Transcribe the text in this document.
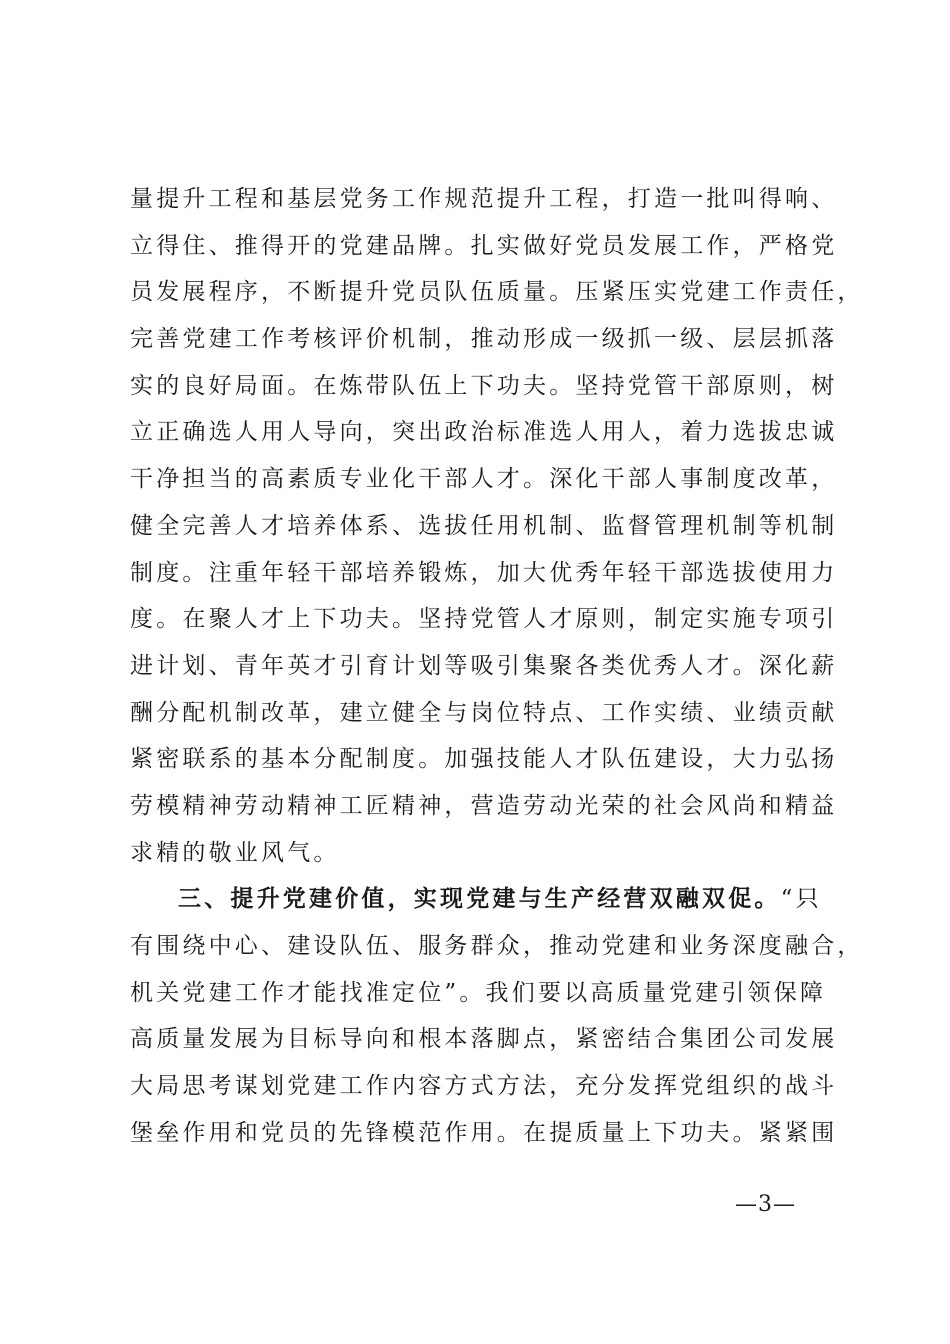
量提升工程和基层党务工作规范提升工程，打造一批叫得响、
立得住、推得开的党建品牌。扎实做好党员发展工作，严格党
员发展程序，不断提升党员队伍质量。压紧压实党建工作责任，
完善党建工作考核评价机制，推动形成一级抓一级、层层抓落
实的良好局面。在炼带队伍上下功夫。坚持党管干部原则，树
立正确选人用人导向，突出政治标准选人用人，着力选拔忠诚
干净担当的高素质专业化干部人才。深化干部人事制度改革，
健全完善人才培养体系、选拔任用机制、监督管理机制等机制
制度。注重年轻干部培养锻炼，加大优秀年轻干部选拔使用力
度。在聚人才上下功夫。坚持党管人才原则，制定实施专项引
进计划、青年英才引育计划等吸引集聚各类优秀人才。深化薪
酬分配机制改革，建立健全与岗位特点、工作实绩、业绩贡献
紧密联系的基本分配制度。加强技能人才队伍建设，大力弘扬
劳模精神劳动精神工匠精神，营造劳动光荣的社会风尚和精益
求精的敬业风气。
三、提升党建价值，实现党建与生产经营双融双促。“只
有围绕中心、建设队伍、服务群众，推动党建和业务深度融合，
机关党建工作才能找准定位”。我们要以高质量党建引领保障
高质量发展为目标导向和根本落脚点，紧密结合集团公司发展
大局思考谋划党建工作内容方式方法，充分发挥党组织的战斗
堡垒作用和党员的先锋模范作用。在提质量上下功夫。紧紧围
—3—
